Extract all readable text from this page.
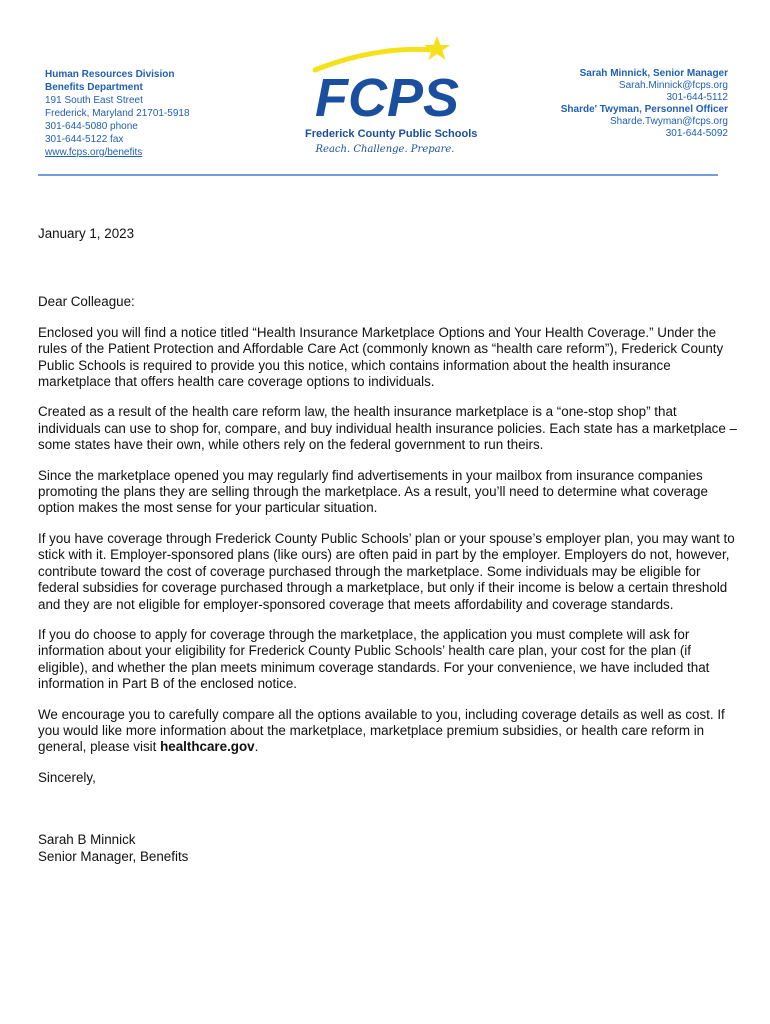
Human Resources Division
Benefits Department
191 South East Street
Frederick, Maryland 21701-5918
301-644-5080 phone
301-644-5122 fax
www.fcps.org/benefits
FCPS
Frederick County Public Schools
Reach. Challenge. Prepare.
Sarah Minnick, Senior Manager
Sarah.Minnick@fcps.org
301-644-5112
Sharde' Twyman, Personnel Officer
Sharde.Twyman@fcps.org
301-644-5092

January 1, 2023

Dear Colleague:

Enclosed you will find a notice titled “Health Insurance Marketplace Options and Your Health Coverage.” Under the rules of the Patient Protection and Affordable Care Act (commonly known as “health care reform”), Frederick County Public Schools is required to provide you this notice, which contains information about the health insurance marketplace that offers health care coverage options to individuals.

Created as a result of the health care reform law, the health insurance marketplace is a “one-stop shop” that individuals can use to shop for, compare, and buy individual health insurance policies. Each state has a marketplace – some states have their own, while others rely on the federal government to run theirs.

Since the marketplace opened you may regularly find advertisements in your mailbox from insurance companies promoting the plans they are selling through the marketplace. As a result, you’ll need to determine what coverage option makes the most sense for your particular situation.

If you have coverage through Frederick County Public Schools’ plan or your spouse’s employer plan, you may want to stick with it. Employer-sponsored plans (like ours) are often paid in part by the employer. Employers do not, however, contribute toward the cost of coverage purchased through the marketplace. Some individuals may be eligible for federal subsidies for coverage purchased through a marketplace, but only if their income is below a certain threshold and they are not eligible for employer-sponsored coverage that meets affordability and coverage standards.

If you do choose to apply for coverage through the marketplace, the application you must complete will ask for information about your eligibility for Frederick County Public Schools’ health care plan, your cost for the plan (if eligible), and whether the plan meets minimum coverage standards. For your convenience, we have included that information in Part B of the enclosed notice.

We encourage you to carefully compare all the options available to you, including coverage details as well as cost. If you would like more information about the marketplace, marketplace premium subsidies, or health care reform in general, please visit healthcare.gov.

Sincerely,

Sarah B Minnick
Senior Manager, Benefits
